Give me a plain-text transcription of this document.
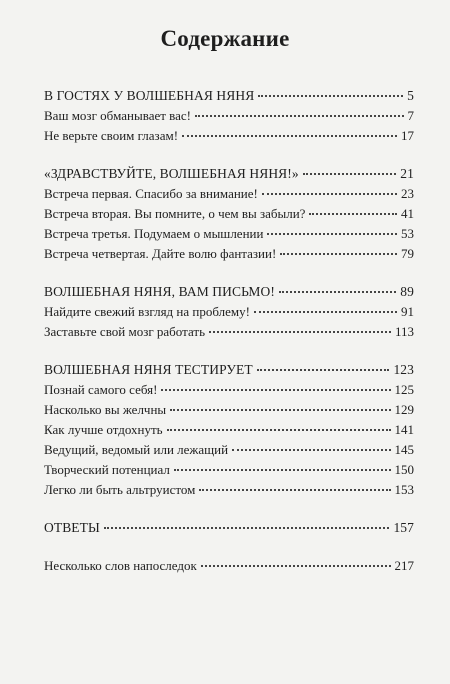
Содержание
В ГОСТЯХ У ВОЛШЕБНАЯ НЯНЯ	5
Ваш мозг обманывает вас!	7
Не верьте своим глазам!	17
«ЗДРАВСТВУЙТЕ, ВОЛШЕБНАЯ НЯНЯ!»	21
Встреча первая. Спасибо за внимание!	23
Встреча вторая. Вы помните, о чем вы забыли?	41
Встреча третья. Подумаем о мышлении	53
Встреча четвертая. Дайте волю фантазии!	79
ВОЛШЕБНАЯ НЯНЯ, ВАМ ПИСЬМО!	89
Найдите свежий взгляд на проблему!	91
Заставьте свой мозг работать	113
ВОЛШЕБНАЯ НЯНЯ ТЕСТИРУЕТ	123
Познай самого себя!	125
Насколько вы желчны	129
Как лучше отдохнуть	141
Ведущий, ведомый или лежащий	145
Творческий потенциал	150
Легко ли быть альтруистом	153
ОТВЕТЫ	157
Несколько слов напоследок	217
